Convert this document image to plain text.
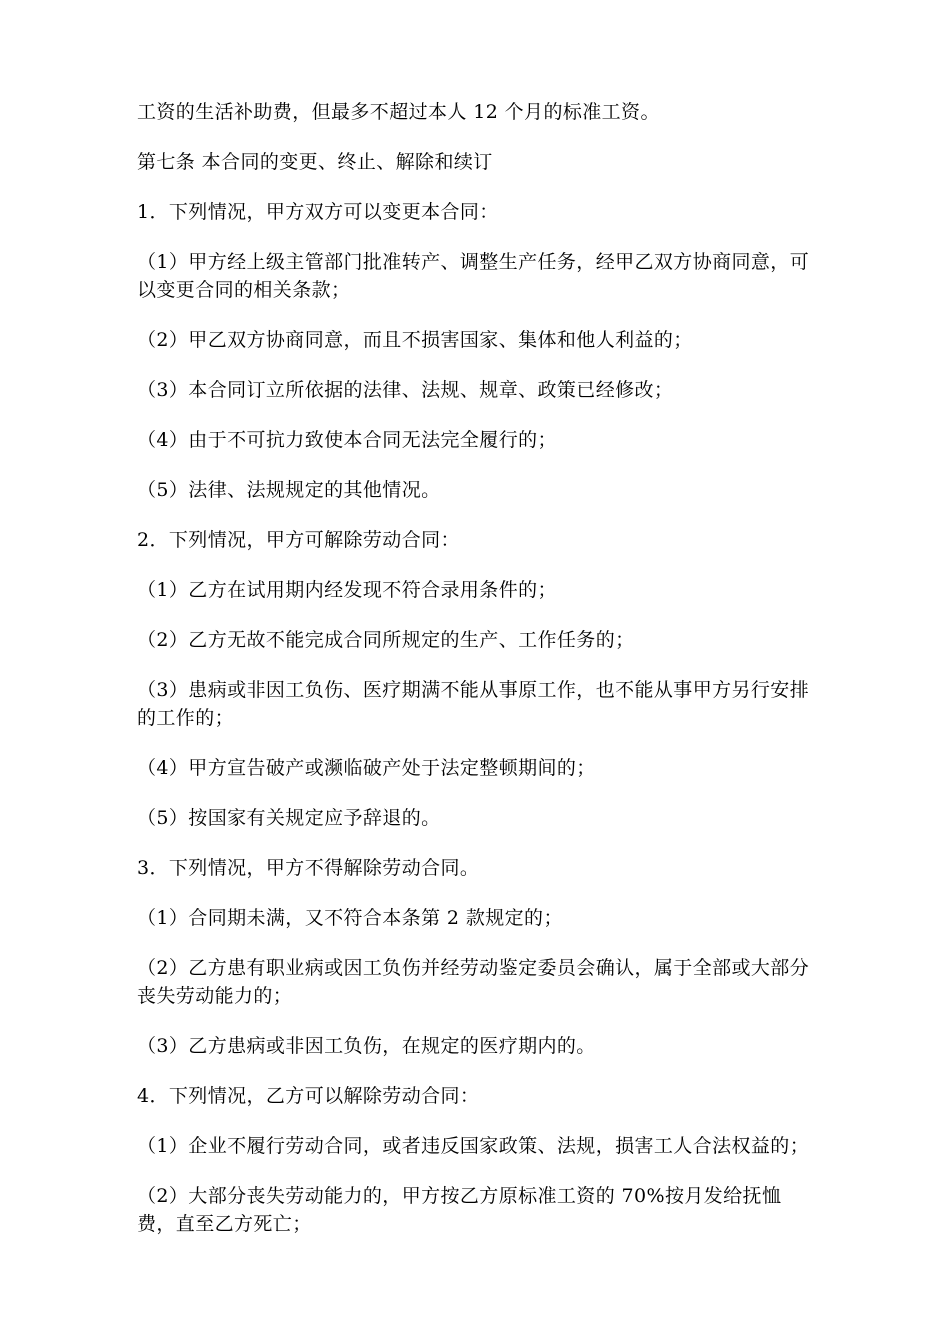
工资的生活补助费，但最多不超过本人 12 个月的标准工资。

第七条 本合同的变更、终止、解除和续订

1．下列情况，甲方双方可以变更本合同：

（1）甲方经上级主管部门批准转产、调整生产任务，经甲乙双方协商同意，可以变更合同的相关条款；

（2）甲乙双方协商同意，而且不损害国家、集体和他人利益的；

（3）本合同订立所依据的法律、法规、规章、政策已经修改；

（4）由于不可抗力致使本合同无法完全履行的；

（5）法律、法规规定的其他情况。

2．下列情况，甲方可解除劳动合同：

（1）乙方在试用期内经发现不符合录用条件的；

（2）乙方无故不能完成合同所规定的生产、工作任务的；

（3）患病或非因工负伤、医疗期满不能从事原工作，也不能从事甲方另行安排的工作的；

（4）甲方宣告破产或濒临破产处于法定整顿期间的；

（5）按国家有关规定应予辞退的。

3．下列情况，甲方不得解除劳动合同。

（1）合同期未满，又不符合本条第 2 款规定的；

（2）乙方患有职业病或因工负伤并经劳动鉴定委员会确认，属于全部或大部分丧失劳动能力的；

（3）乙方患病或非因工负伤，在规定的医疗期内的。

4．下列情况，乙方可以解除劳动合同：

（1）企业不履行劳动合同，或者违反国家政策、法规，损害工人合法权益的；

（2）大部分丧失劳动能力的，甲方按乙方原标准工资的 70%按月发给抚恤费，直至乙方死亡；
